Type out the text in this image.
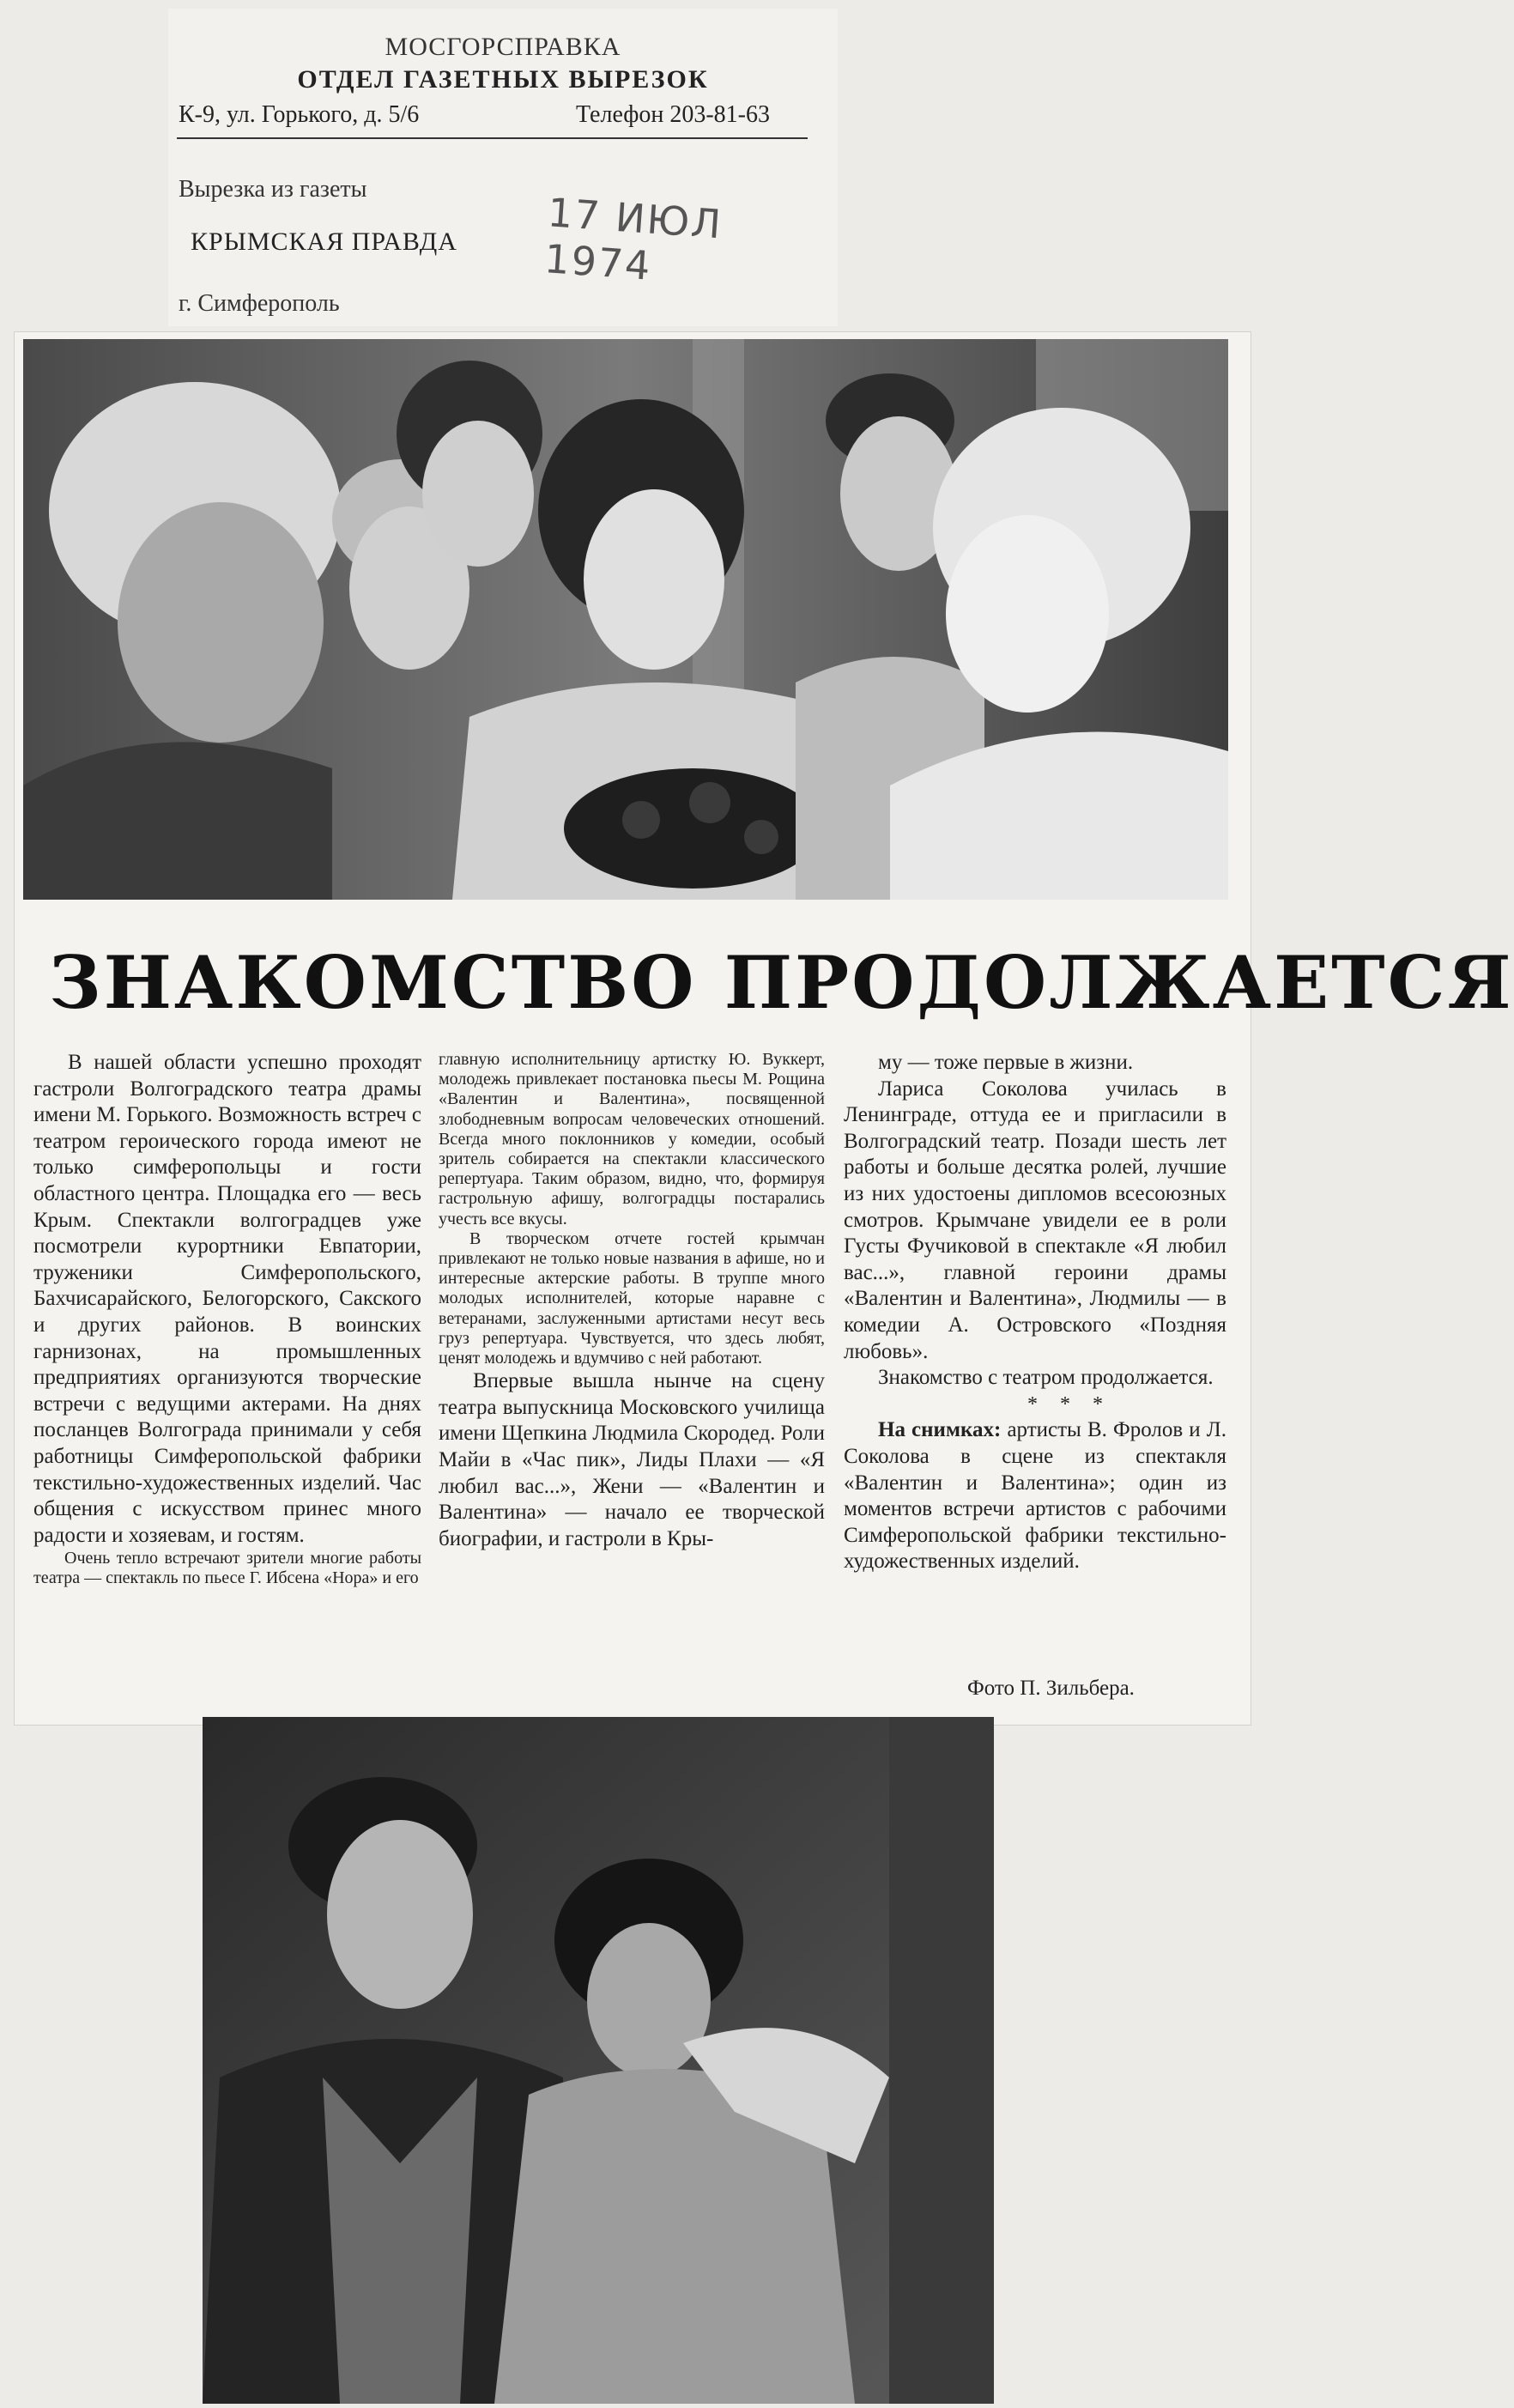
МОСГОРСПРАВКА
ОТДЕЛ ГАЗЕТНЫХ ВЫРЕЗОК
К-9, ул. Горького, д. 5/6	Телефон 203-81-63
Вырезка из газеты
КРЫМСКАЯ ПРАВДА 17 ИЮЛ 1974
г. Симферополь
ЗНАКОМСТВО ПРОДОЛЖАЕТСЯ

В нашей области успешно проходят гастроли Волгоградского театра драмы имени М. Горького. Возможность встреч с театром героического города имеют не только симферопольцы и гости областного центра. Площадка его — весь Крым. Спектакли волгоградцев уже посмотрели курортники Евпатории, труженики Симферопольского, Бахчисарайского, Белогорского, Сакского и других районов. В воинских гарнизонах, на промышленных предприятиях организуются творческие встречи с ведущими актерами. На днях посланцев Волгограда принимали у себя работницы Симферопольской фабрики текстильно-художественных изделий. Час общения с искусством принес много радости и хозяевам, и гостям.

Очень тепло встречают зрители многие работы театра — спектакль по пьесе Г. Ибсена «Нора» и его

главную исполнительницу артистку Ю. Вуккерт, молодежь привлекает постановка пьесы М. Рощина «Валентин и Валентина», посвященной злободневным вопросам человеческих отношений. Всегда много поклонников у комедии, особый зритель собирается на спектакли классического репертуара. Таким образом, видно, что, формируя гастрольную афишу, волгоградцы постарались учесть все вкусы.

В творческом отчете гостей крымчан привлекают не только новые названия в афише, но и интересные актерские работы. В труппе много молодых исполнителей, которые наравне с ветеранами, заслуженными артистами несут весь груз репертуара. Чувствуется, что здесь любят, ценят молодежь и вдумчиво с ней работают.

Впервые вышла нынче на сцену театра выпускница Московского училища имени Щепкина Людмила Скородед. Роли Майи в «Час пик», Лиды Плахи — «Я любил вас...», Жени — «Валентин и Валентина» — начало ее творческой биографии, и гастроли в Кры-

му — тоже первые в жизни.

Лариса Соколова училась в Ленинграде, оттуда ее и пригласили в Волгоградский театр. Позади шесть лет работы и больше десятка ролей, лучшие из них удостоены дипломов всесоюзных смотров. Крымчане увидели ее в роли Густы Фучиковой в спектакле «Я любил вас...», главной героини драмы «Валентин и Валентина», Людмилы — в комедии А. Островского «Поздняя любовь».

Знакомство с театром продолжается.

* * *

На снимках: артисты В. Фролов и Л. Соколова в сцене из спектакля «Валентин и Валентина»; один из моментов встречи артистов с рабочими Симферопольской фабрики текстильно-художественных изделий.

Фото П. Зильбера.
